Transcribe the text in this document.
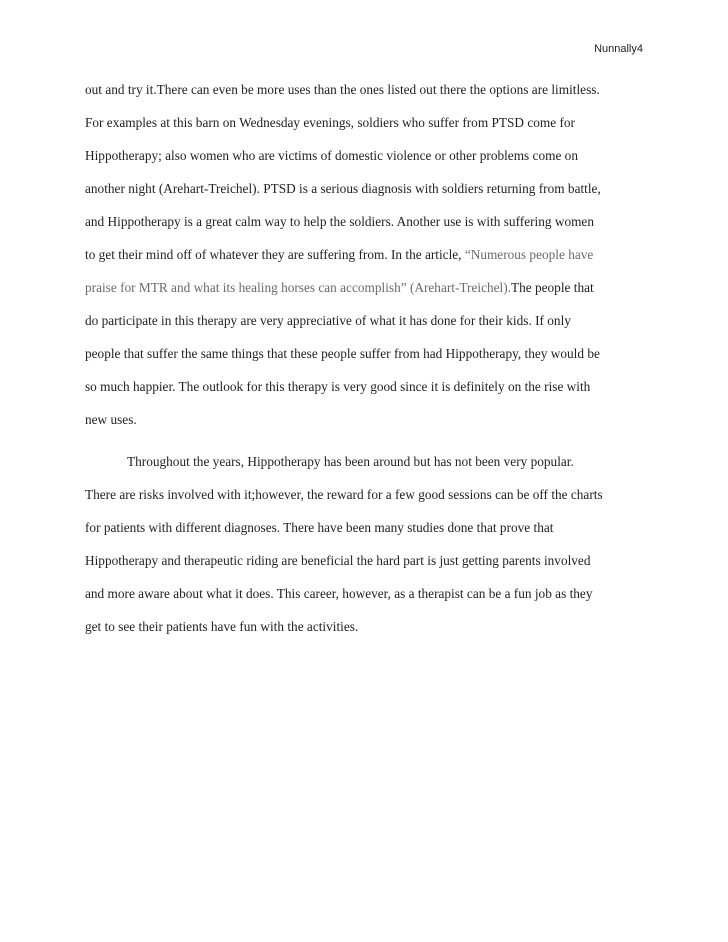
Nunnally4
out and try it.There can even be more uses than the ones listed out there the options are limitless.
For examples at this barn on Wednesday evenings, soldiers who suffer from PTSD come for
Hippotherapy; also women who are victims of domestic violence or other problems come on
another night (Arehart-Treichel). PTSD is a serious diagnosis with soldiers returning from battle,
and Hippotherapy is a great calm way to help the soldiers. Another use is with suffering women
to get their mind off of whatever they are suffering from. In the article, “Numerous people have
praise for MTR and what its healing horses can accomplish” (Arehart-Treichel).The people that
do participate in this therapy are very appreciative of what it has done for their kids. If only
people that suffer the same things that these people suffer from had Hippotherapy, they would be
so much happier. The outlook for this therapy is very good since it is definitely on the rise with
new uses.
Throughout the years, Hippotherapy has been around but has not been very popular.
There are risks involved with it;however, the reward for a few good sessions can be off the charts
for patients with different diagnoses. There have been many studies done that prove that
Hippotherapy and therapeutic riding are beneficial the hard part is just getting parents involved
and more aware about what it does. This career, however, as a therapist can be a fun job as they
get to see their patients have fun with the activities.
